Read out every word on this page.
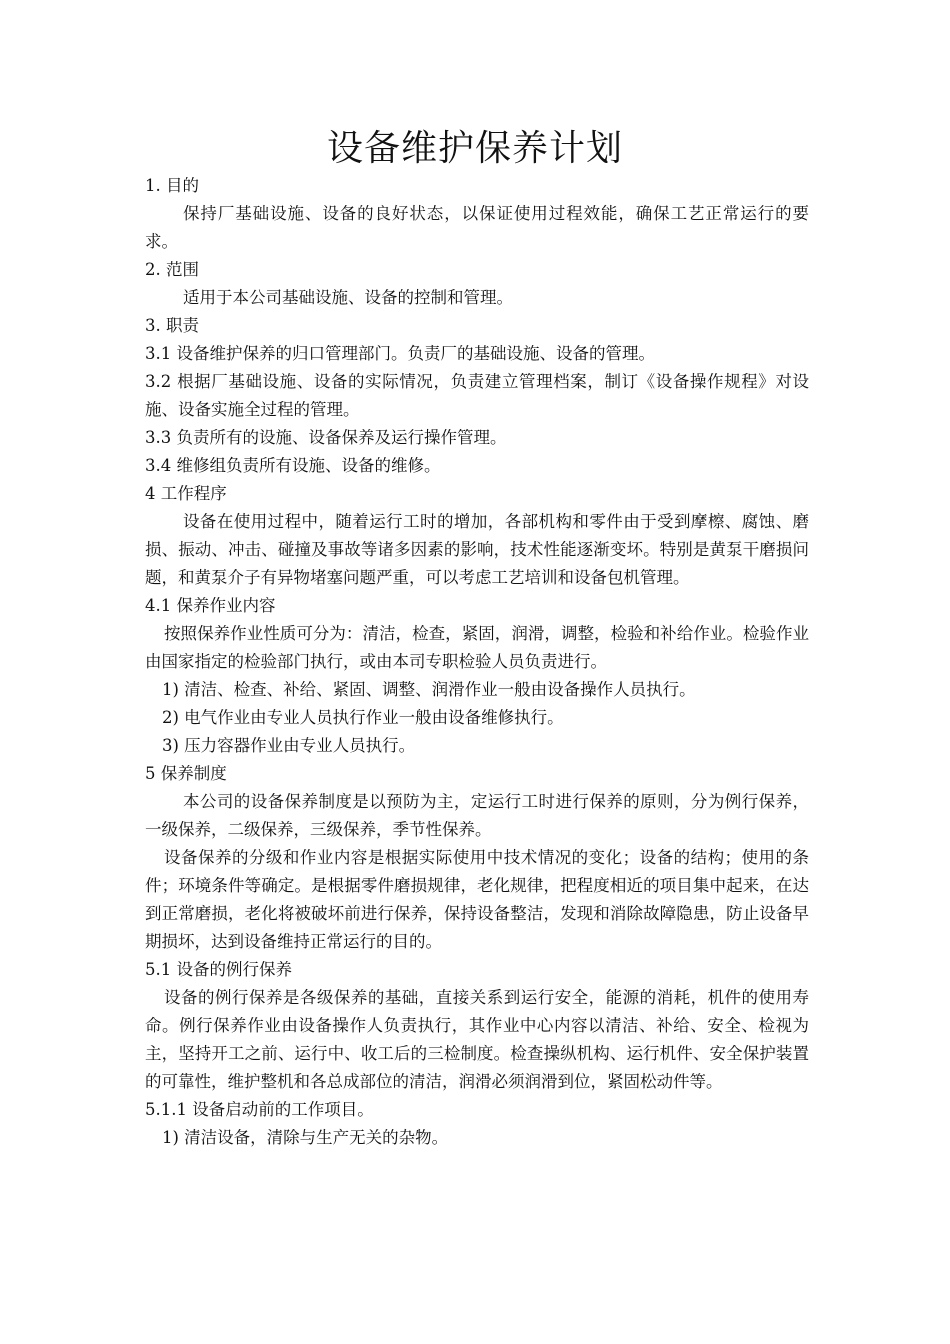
设备维护保养计划
1. 目的

保持厂基础设施、设备的良好状态，以保证使用过程效能，确保工艺正常运行的要求。

2. 范围

适用于本公司基础设施、设备的控制和管理。

3. 职责

3.1 设备维护保养的归口管理部门。负责厂的基础设施、设备的管理。

3.2 根据厂基础设施、设备的实际情况，负责建立管理档案，制订《设备操作规程》对设施、设备实施全过程的管理。

3.3 负责所有的设施、设备保养及运行操作管理。

3.4 维修组负责所有设施、设备的维修。

4 工作程序

设备在使用过程中，随着运行工时的增加，各部机构和零件由于受到摩檫、腐蚀、磨损、振动、冲击、碰撞及事故等诸多因素的影响，技术性能逐渐变坏。特别是黄泵干磨损问题，和黄泵介子有异物堵塞问题严重，可以考虑工艺培训和设备包机管理。

4.1 保养作业内容

按照保养作业性质可分为：清洁，检查，紧固，润滑，调整，检验和补给作业。检验作业由国家指定的检验部门执行，或由本司专职检验人员负责进行。

1) 清洁、检查、补给、紧固、调整、润滑作业一般由设备操作人员执行。
2) 电气作业由专业人员执行作业一般由设备维修执行。
3) 压力容器作业由专业人员执行。
5 保养制度

本公司的设备保养制度是以预防为主，定运行工时进行保养的原则，分为例行保养，一级保养，二级保养，三级保养，季节性保养。

设备保养的分级和作业内容是根据实际使用中技术情况的变化；设备的结构；使用的条件；环境条件等确定。是根据零件磨损规律，老化规律，把程度相近的项目集中起来，在达到正常磨损，老化将被破坏前进行保养，保持设备整洁，发现和消除故障隐患，防止设备早期损坏，达到设备维持正常运行的目的。

5.1 设备的例行保养

设备的例行保养是各级保养的基础，直接关系到运行安全，能源的消耗，机件的使用寿命。例行保养作业由设备操作人负责执行，其作业中心内容以清洁、补给、安全、检视为主，坚持开工之前、运行中、收工后的三检制度。检查操纵机构、运行机件、安全保护装置的可靠性，维护整机和各总成部位的清洁，润滑必须润滑到位，紧固松动件等。

5.1.1 设备启动前的工作项目。
1) 清洁设备，清除与生产无关的杂物。
